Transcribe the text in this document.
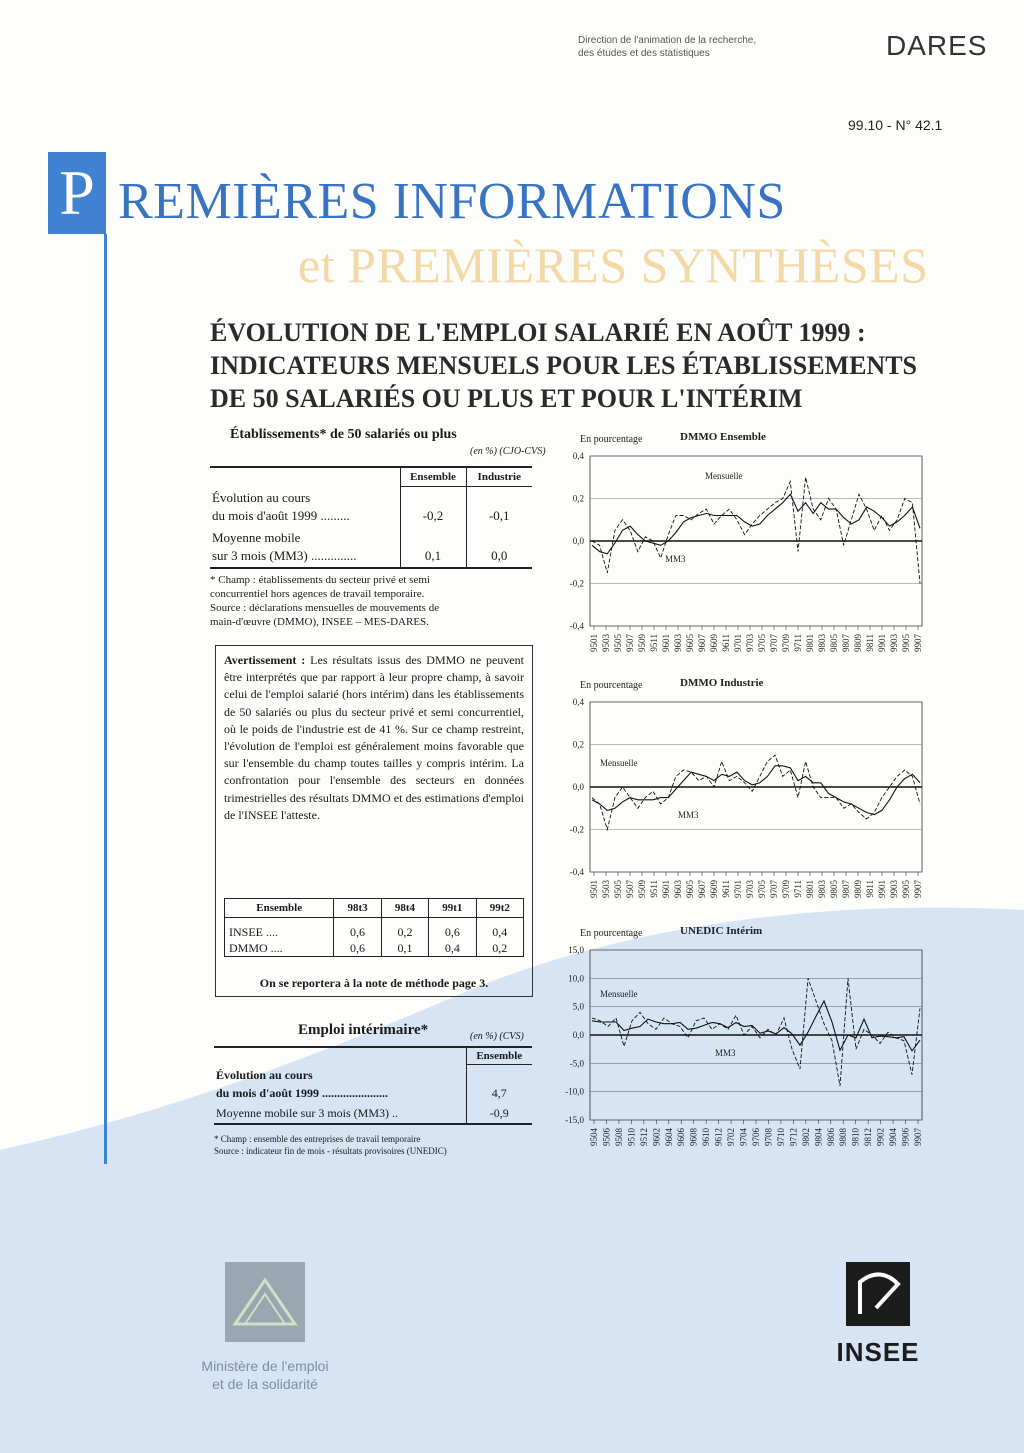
Direction de l'animation de la recherche,
des études et des statistiques	DARES
99.10 - N° 42.1
P REMIÈRES INFORMATIONS
et PREMIÈRES SYNTHÈSES
ÉVOLUTION DE L'EMPLOI SALARIÉ EN AOÛT 1999 :
INDICATEURS MENSUELS POUR LES ÉTABLISSEMENTS
DE 50 SALARIÉS OU PLUS ET POUR L'INTÉRIM
Établissements* de 50 salariés ou plus
(en %) (CJO-CVS)
	Ensemble	Industrie
Évolution au cours
du mois d'août 1999 .........	-0,2	-0,1
Moyenne mobile
sur 3 mois (MM3) ..............	0,1	0,0
* Champ : établissements du secteur privé et semi
concurrentiel hors agences de travail temporaire.
Source : déclarations mensuelles de mouvements de
main-d'œuvre (DMMO), INSEE – MES-DARES.
Avertissement : Les résultats issus des DMMO ne peuvent être interprétés que par rapport à leur propre champ, à savoir celui de l'emploi salarié (hors intérim) dans les établissements de 50 salariés ou plus du secteur privé et semi concurrentiel, où le poids de l'industrie est de 41 %. Sur ce champ restreint, l'évolution de l'emploi est généralement moins favorable que sur l'ensemble du champ toutes tailles y compris intérim. La confrontation pour l'ensemble des secteurs en données trimestrielles des résultats DMMO et des estimations d'emploi de l'INSEE l'atteste.
Ensemble	98t3	98t4	99t1	99t2
INSEE ....	0,6	0,2	0,6	0,4
DMMO ....	0,6	0,1	0,4	0,2
On se reportera à la note de méthode page 3.
Emploi intérimaire*	(en %) (CVS)
	Ensemble
Évolution au cours
du mois d'août 1999 ......................	4,7
Moyenne mobile sur 3 mois (MM3) ..	-0,9
* Champ : ensemble des entreprises de travail temporaire
Source : indicateur fin de mois - résultats provisoires (UNEDIC)
En pourcentage	DMMO Ensemble
-0,4
-0,2
0,0
0,2
0,4
9501 9503 9505 9507 9509 9511 9601 9603 9605 9607 9609 9611 9701 9703 9705 9707 9709 9711 9801 9803 9805 9807 9809 9811 9901 9903 9905 9907
Mensuelle
MM3
En pourcentage	DMMO Industrie
-0,4
-0,2
0,0
0,2
0,4
9501 9503 9505 9507 9509 9511 9601 9603 9605 9607 9609 9611 9701 9703 9705 9707 9709 9711 9801 9803 9805 9807 9809 9811 9901 9903 9905 9907
Mensuelle
MM3
En pourcentage	UNEDIC Intérim
-15,0
-10,0
-5,0
0,0
5,0
10,0
15,0
9504 9506 9508 9510 9512 9602 9604 9606 9608 9610 9612 9702 9704 9706 9708 9710 9712 9802 9804 9806 9808 9810 9812 9902 9904 9906 9907
Mensuelle
MM3
Ministère de l'emploi
et de la solidarité
INSEE
